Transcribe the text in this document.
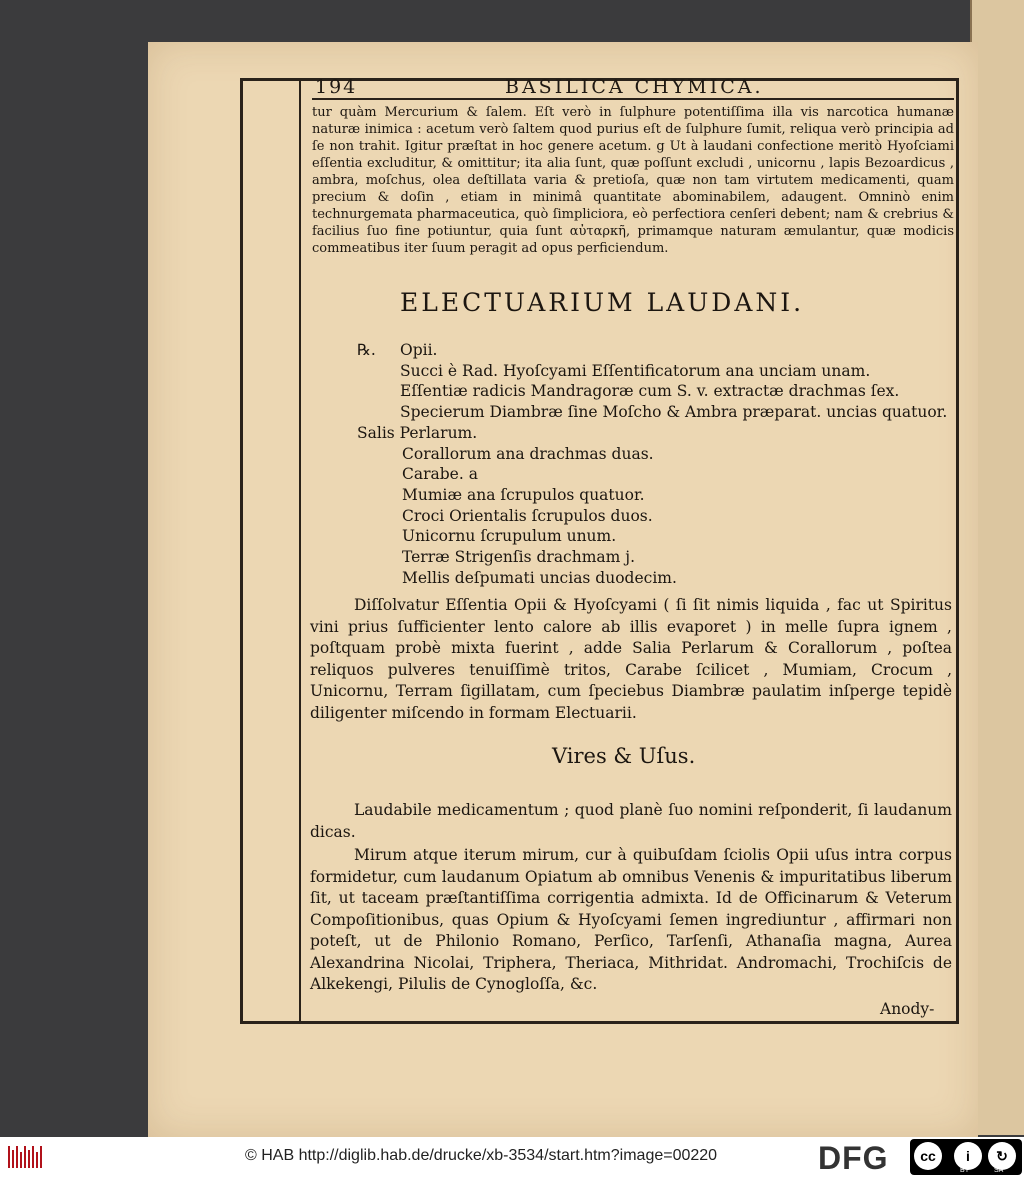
194	BASILICA CHYMICA.
tur quàm Mercurium & ſalem. Eſt verò in ſulphure potentiſſima illa vis narcotica humanæ naturæ inimica : acetum verò ſaltem quod purius eſt de ſulphure ſumit, reliqua verò principia ad ſe non trahit. Igitur præſtat in hoc genere acetum. g Ut à laudani confectione meritò Hyoſciami eſſentia excluditur, & omittitur; ita alia ſunt, quæ poſſunt excludi , unicornu , lapis Bezoardicus , ambra, moſchus, olea deſtillata varia & pretioſa, quæ non tam virtutem medicamenti, quam precium & doſin , etiam in minimâ quantitate abominabilem, adaugent. Omninò enim technurgemata pharmaceutica, quò ſimpliciora, eò perfectiora cenſeri debent; nam & crebrius & facilius ſuo fine potiuntur, quia ſunt αὐταρκῆ, primamque naturam æmulantur, quæ modicis commeatibus iter ſuum peragit ad opus perficiendum.
ELECTUARIUM LAUDANI.
℞. Opii.
Succi è Rad. Hyoſcyami Eſſentificatorum ana unciam unam.
Eſſentiæ radicis Mandragoræ cum S. v. extractæ drachmas ſex.
Specierum Diambræ ſine Moſcho & Ambra præparat. uncias quatuor.
Salis Perlarum.
Corallorum ana drachmas duas.
Carabe. a
Mumiæ ana ſcrupulos quatuor.
Croci Orientalis ſcrupulos duos.
Unicornu ſcrupulum unum.
Terræ Strigenſis drachmam j.
Mellis deſpumati uncias duodecim.
Diſſolvatur Eſſentia Opii & Hyoſcyami ( ſi ſit nimis liquida , fac ut Spiritus vini prius ſufficienter lento calore ab illis evaporet ) in melle ſupra ignem , poſtquam probè mixta fuerint , adde Salia Perlarum & Corallorum , poſtea reliquos pulveres tenuiſſimè tritos, Carabe ſcilicet , Mumiam, Crocum , Unicornu, Terram ſigillatam, cum ſpeciebus Diambræ paulatim inſperge tepidè diligenter miſcendo in formam Electuarii.
Vires & Uſus.
Laudabile medicamentum ; quod planè ſuo nomini reſponderit, ſi laudanum dicas.
Mirum atque iterum mirum, cur à quibuſdam ſciolis Opii uſus intra corpus formidetur, cum laudanum Opiatum ab omnibus Venenis & impuritatibus liberum ſit, ut taceam præſtantiſſima corrigentia admixta. Id de Officinarum & Veterum Compoſitionibus, quas Opium & Hyoſcyami ſemen ingrediuntur , affirmari non poteſt, ut de Philonio Romano, Perſico, Tarſenſi, Athanaſia magna, Aurea Alexandrina Nicolai, Triphera, Theriaca, Mithridat. Andromachi, Trochiſcis de Alkekengi, Pilulis de Cynogloſſa, &c.
Anody-
© HAB http://diglib.hab.de/drucke/xb-3534/start.htm?image=00220	DFG	cc	i	↻
BY	SA
